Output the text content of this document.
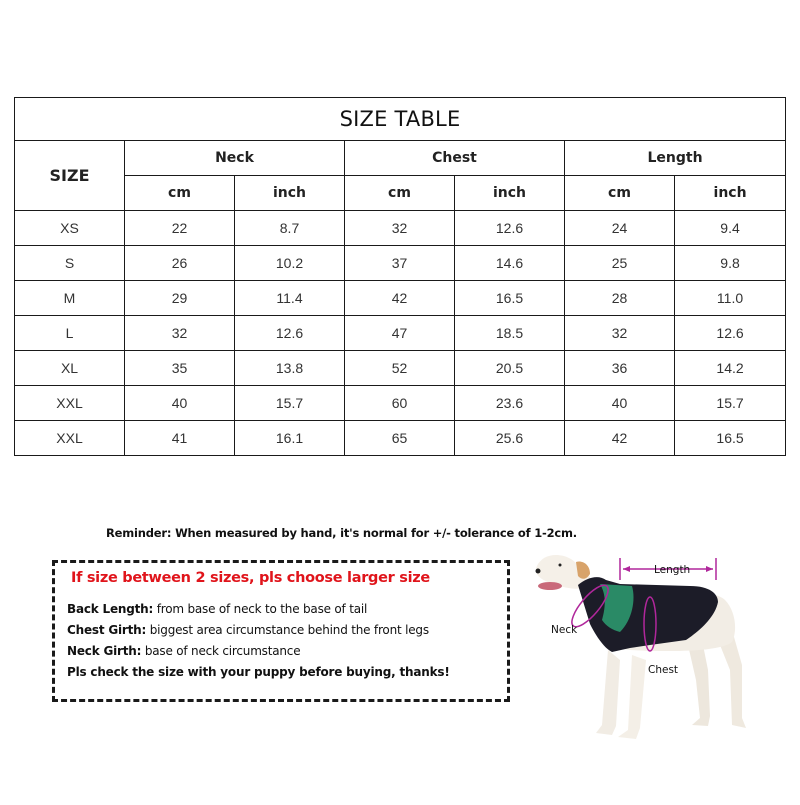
SIZE TABLE						
SIZE	Neck		Chest		Length	
	cm	inch	cm	inch	cm	inch
XS	22	8.7	32	12.6	24	9.4
S	26	10.2	37	14.6	25	9.8
M	29	11.4	42	16.5	28	11.0
L	32	12.6	47	18.5	32	12.6
XL	35	13.8	52	20.5	36	14.2
XXL	40	15.7	60	23.6	40	15.7
XXL	41	16.1	65	25.6	42	16.5
Reminder: When measured by hand, it's normal for +/- tolerance of 1-2cm.
If size between 2 sizes, pls choose larger size
Back Length: from base of neck to the base of tail
Chest Girth: biggest area circumstance behind the front legs
Neck Girth: base of neck circumstance
Pls check the size with your puppy before buying, thanks!
Length
Neck
Chest
